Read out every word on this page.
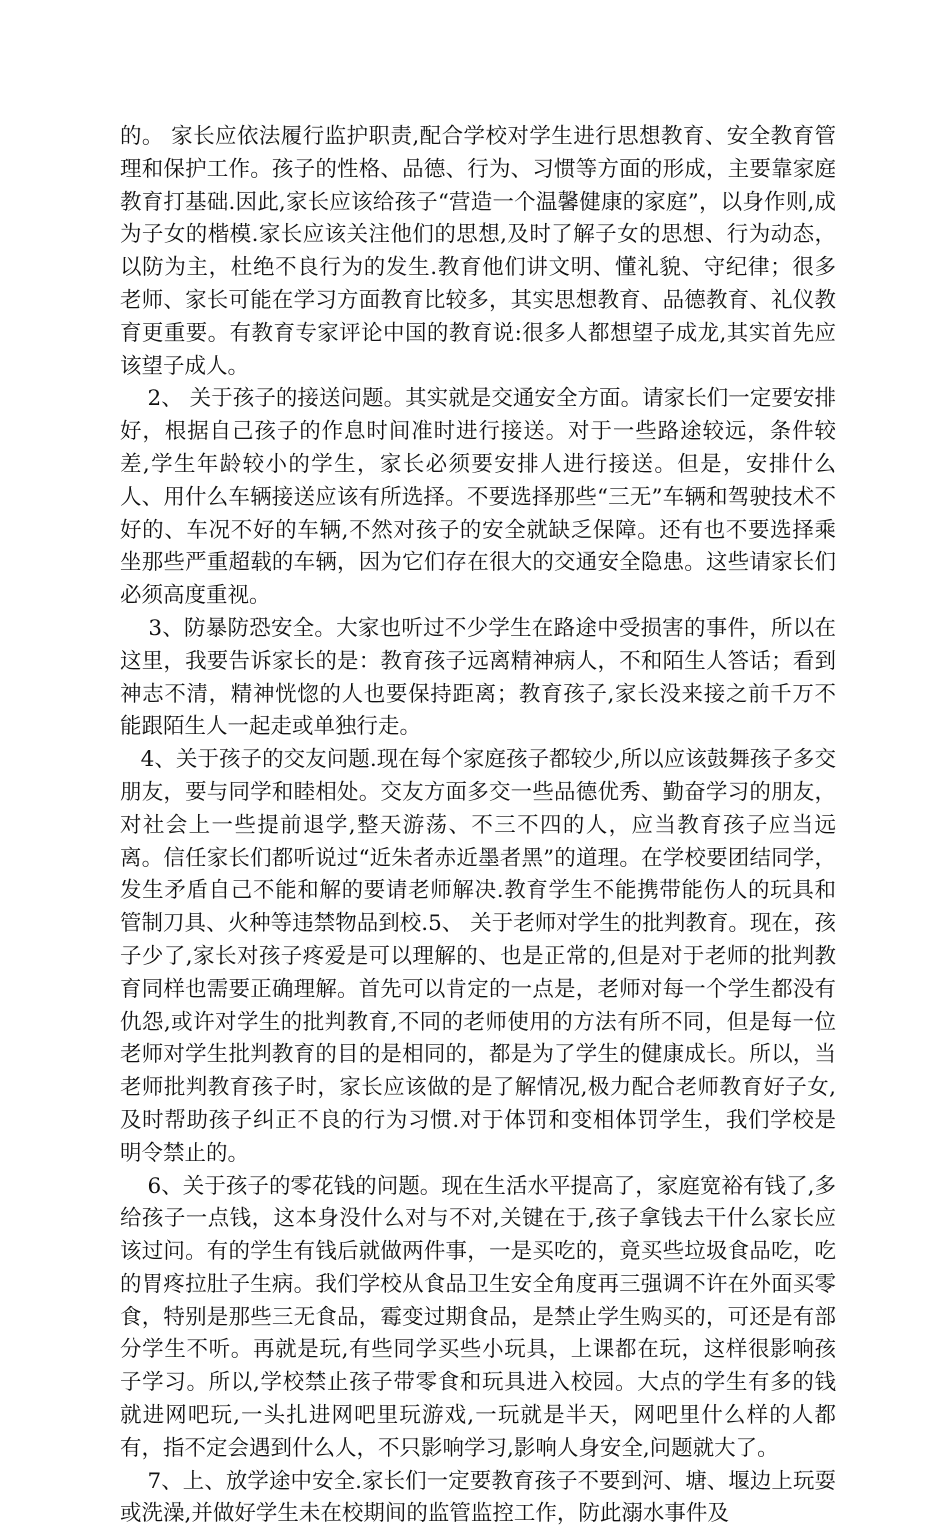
的。 家长应依法履行监护职责,配合学校对学生进行思想教育、安全教育管理和保护工作。孩子的性格、品德、行为、习惯等方面的形成，主要靠家庭教育打基础.因此,家长应该给孩子“营造一个温馨健康的家庭”，以身作则,成为子女的楷模.家长应该关注他们的思想,及时了解子女的思想、行为动态，以防为主，杜绝不良行为的发生.教育他们讲文明、懂礼貌、守纪律；很多老师、家长可能在学习方面教育比较多，其实思想教育、品德教育、礼仪教育更重要。有教育专家评论中国的教育说:很多人都想望子成龙,其实首先应该望子成人。

2、 关于孩子的接送问题。其实就是交通安全方面。请家长们一定要安排好，根据自己孩子的作息时间准时进行接送。对于一些路途较远，条件较差,学生年龄较小的学生，家长必须要安排人进行接送。但是，安排什么人、用什么车辆接送应该有所选择。不要选择那些“三无”车辆和驾驶技术不好的、车况不好的车辆,不然对孩子的安全就缺乏保障。还有也不要选择乘坐那些严重超载的车辆，因为它们存在很大的交通安全隐患。这些请家长们必须高度重视。

3、防暴防恐安全。大家也听过不少学生在路途中受损害的事件，所以在这里，我要告诉家长的是：教育孩子远离精神病人，不和陌生人答话；看到神志不清，精神恍惚的人也要保持距离；教育孩子,家长没来接之前千万不能跟陌生人一起走或单独行走。

4、关于孩子的交友问题.现在每个家庭孩子都较少,所以应该鼓舞孩子多交朋友，要与同学和睦相处。交友方面多交一些品德优秀、勤奋学习的朋友，对社会上一些提前退学,整天游荡、不三不四的人，应当教育孩子应当远离。信任家长们都听说过“近朱者赤近墨者黑”的道理。在学校要团结同学，发生矛盾自己不能和解的要请老师解决.教育学生不能携带能伤人的玩具和管制刀具、火种等违禁物品到校.5、 关于老师对学生的批判教育。现在，孩子少了,家长对孩子疼爱是可以理解的、也是正常的,但是对于老师的批判教育同样也需要正确理解。首先可以肯定的一点是，老师对每一个学生都没有仇怨,或许对学生的批判教育,不同的老师使用的方法有所不同，但是每一位老师对学生批判教育的目的是相同的，都是为了学生的健康成长。所以，当老师批判教育孩子时，家长应该做的是了解情况,极力配合老师教育好子女,及时帮助孩子纠正不良的行为习惯.对于体罚和变相体罚学生，我们学校是明令禁止的。

6、关于孩子的零花钱的问题。现在生活水平提高了，家庭宽裕有钱了,多给孩子一点钱，这本身没什么对与不对,关键在于,孩子拿钱去干什么家长应该过问。有的学生有钱后就做两件事，一是买吃的，竟买些垃圾食品吃，吃的胃疼拉肚子生病。我们学校从食品卫生安全角度再三强调不许在外面买零食，特别是那些三无食品，霉变过期食品，是禁止学生购买的，可还是有部分学生不听。再就是玩,有些同学买些小玩具，上课都在玩，这样很影响孩子学习。所以,学校禁止孩子带零食和玩具进入校园。大点的学生有多的钱就进网吧玩,一头扎进网吧里玩游戏,一玩就是半天，网吧里什么样的人都有，指不定会遇到什么人，不只影响学习,影响人身安全,问题就大了。

7、上、放学途中安全.家长们一定要教育孩子不要到河、塘、堰边上玩耍或洗澡,并做好学生未在校期间的监管监控工作，防此溺水事件及
